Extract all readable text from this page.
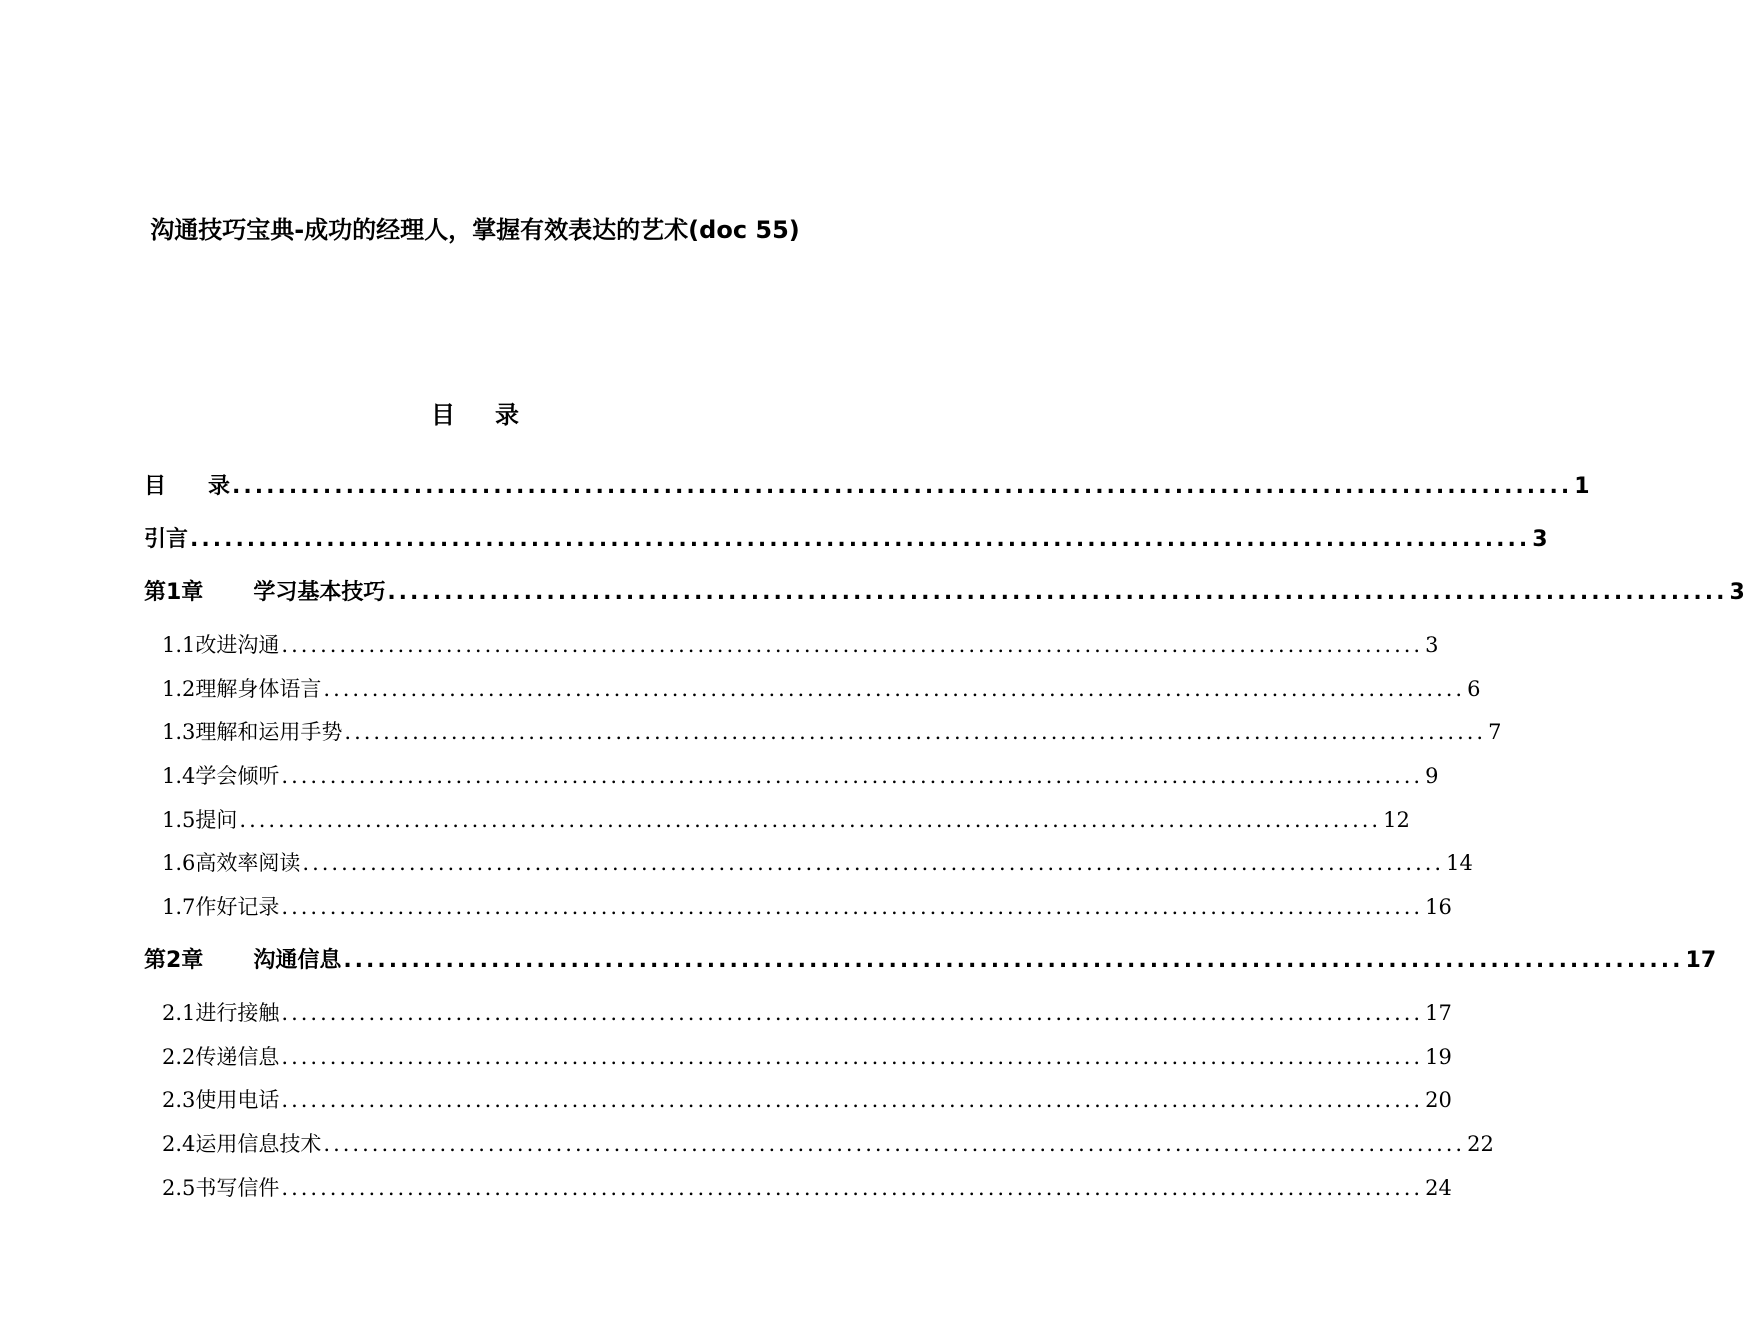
沟通技巧宝典-成功的经理人，掌握有效表达的艺术(doc 55)
目 录
目 录 ...................................................................................................................... 1
引言 ...................................................................................................................... 3
第1章 学习基本技巧 ...................................................................................................................... 3
1.1改进沟通 ...................................................................................................................... 3
1.2理解身体语言 ...................................................................................................................... 6
1.3理解和运用手势 ...................................................................................................................... 7
1.4学会倾听 ...................................................................................................................... 9
1.5提问 ...................................................................................................................... 12
1.6高效率阅读 ...................................................................................................................... 14
1.7作好记录 ...................................................................................................................... 16
第2章 沟通信息 ...................................................................................................................... 17
2.1进行接触 ...................................................................................................................... 17
2.2传递信息 ...................................................................................................................... 19
2.3使用电话 ...................................................................................................................... 20
2.4运用信息技术 ...................................................................................................................... 22
2.5书写信件 ...................................................................................................................... 24
